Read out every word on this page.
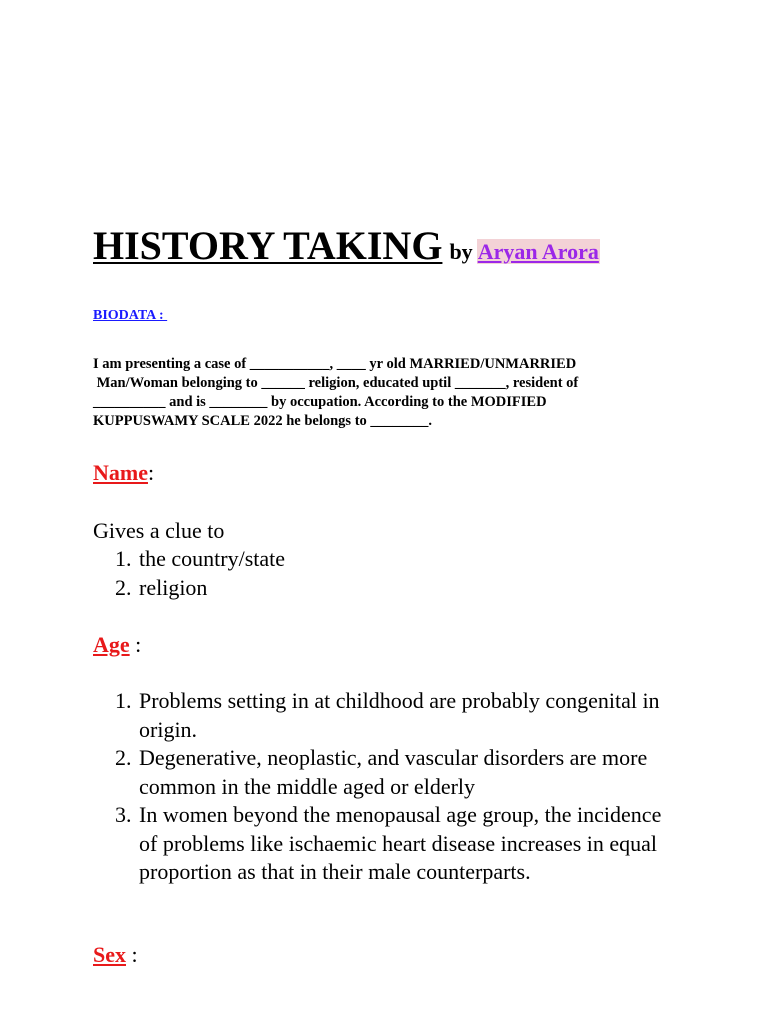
HISTORY TAKING by Aryan Arora
BIODATA :
I am presenting a case of ___________, ____ yr old MARRIED/UNMARRIED
Man/Woman belonging to ______ religion, educated uptil _______, resident of
__________ and is ________ by occupation. According to the MODIFIED
KUPPUSWAMY SCALE 2022 he belongs to ________.
Name:
Gives a clue to
1. the country/state
2. religion
Age :
1. Problems setting in at childhood are probably congenital in origin.
2. Degenerative, neoplastic, and vascular disorders are more common in the middle aged or elderly
3. In women beyond the menopausal age group, the incidence of problems like ischaemic heart disease increases in equal proportion as that in their male counterparts.
Sex :
